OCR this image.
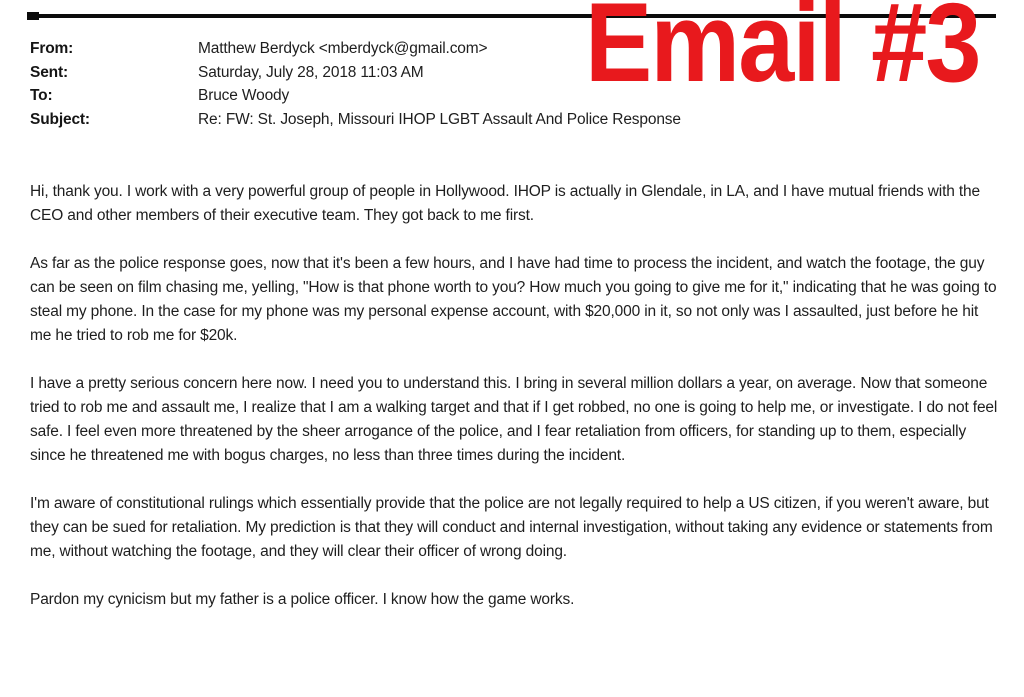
Email #3
From:	Matthew Berdyck <mberdyck@gmail.com>
Sent:	Saturday, July 28, 2018 11:03 AM
To:	Bruce Woody
Subject:	Re: FW: St. Joseph, Missouri IHOP LGBT Assault And Police Response

Hi, thank you. I work with a very powerful group of people in Hollywood. IHOP is actually in Glendale, in LA, and I have mutual friends with the CEO and other members of their executive team. They got back to me first.

As far as the police response goes, now that it's been a few hours, and I have had time to process the incident, and watch the footage, the guy can be seen on film chasing me, yelling, "How is that phone worth to you? How much you going to give me for it," indicating that he was going to steal my phone. In the case for my phone was my personal expense account, with $20,000 in it, so not only was I assaulted, just before he hit me he tried to rob me for $20k.

I have a pretty serious concern here now. I need you to understand this. I bring in several million dollars a year, on average. Now that someone tried to rob me and assault me, I realize that I am a walking target and that if I get robbed, no one is going to help me, or investigate. I do not feel safe. I feel even more threatened by the sheer arrogance of the police, and I fear retaliation from officers, for standing up to them, especially since he threatened me with bogus charges, no less than three times during the incident.

I'm aware of constitutional rulings which essentially provide that the police are not legally required to help a US citizen, if you weren't aware, but they can be sued for retaliation. My prediction is that they will conduct and internal investigation, without taking any evidence or statements from me, without watching the footage, and they will clear their officer of wrong doing.

Pardon my cynicism but my father is a police officer. I know how the game works.
